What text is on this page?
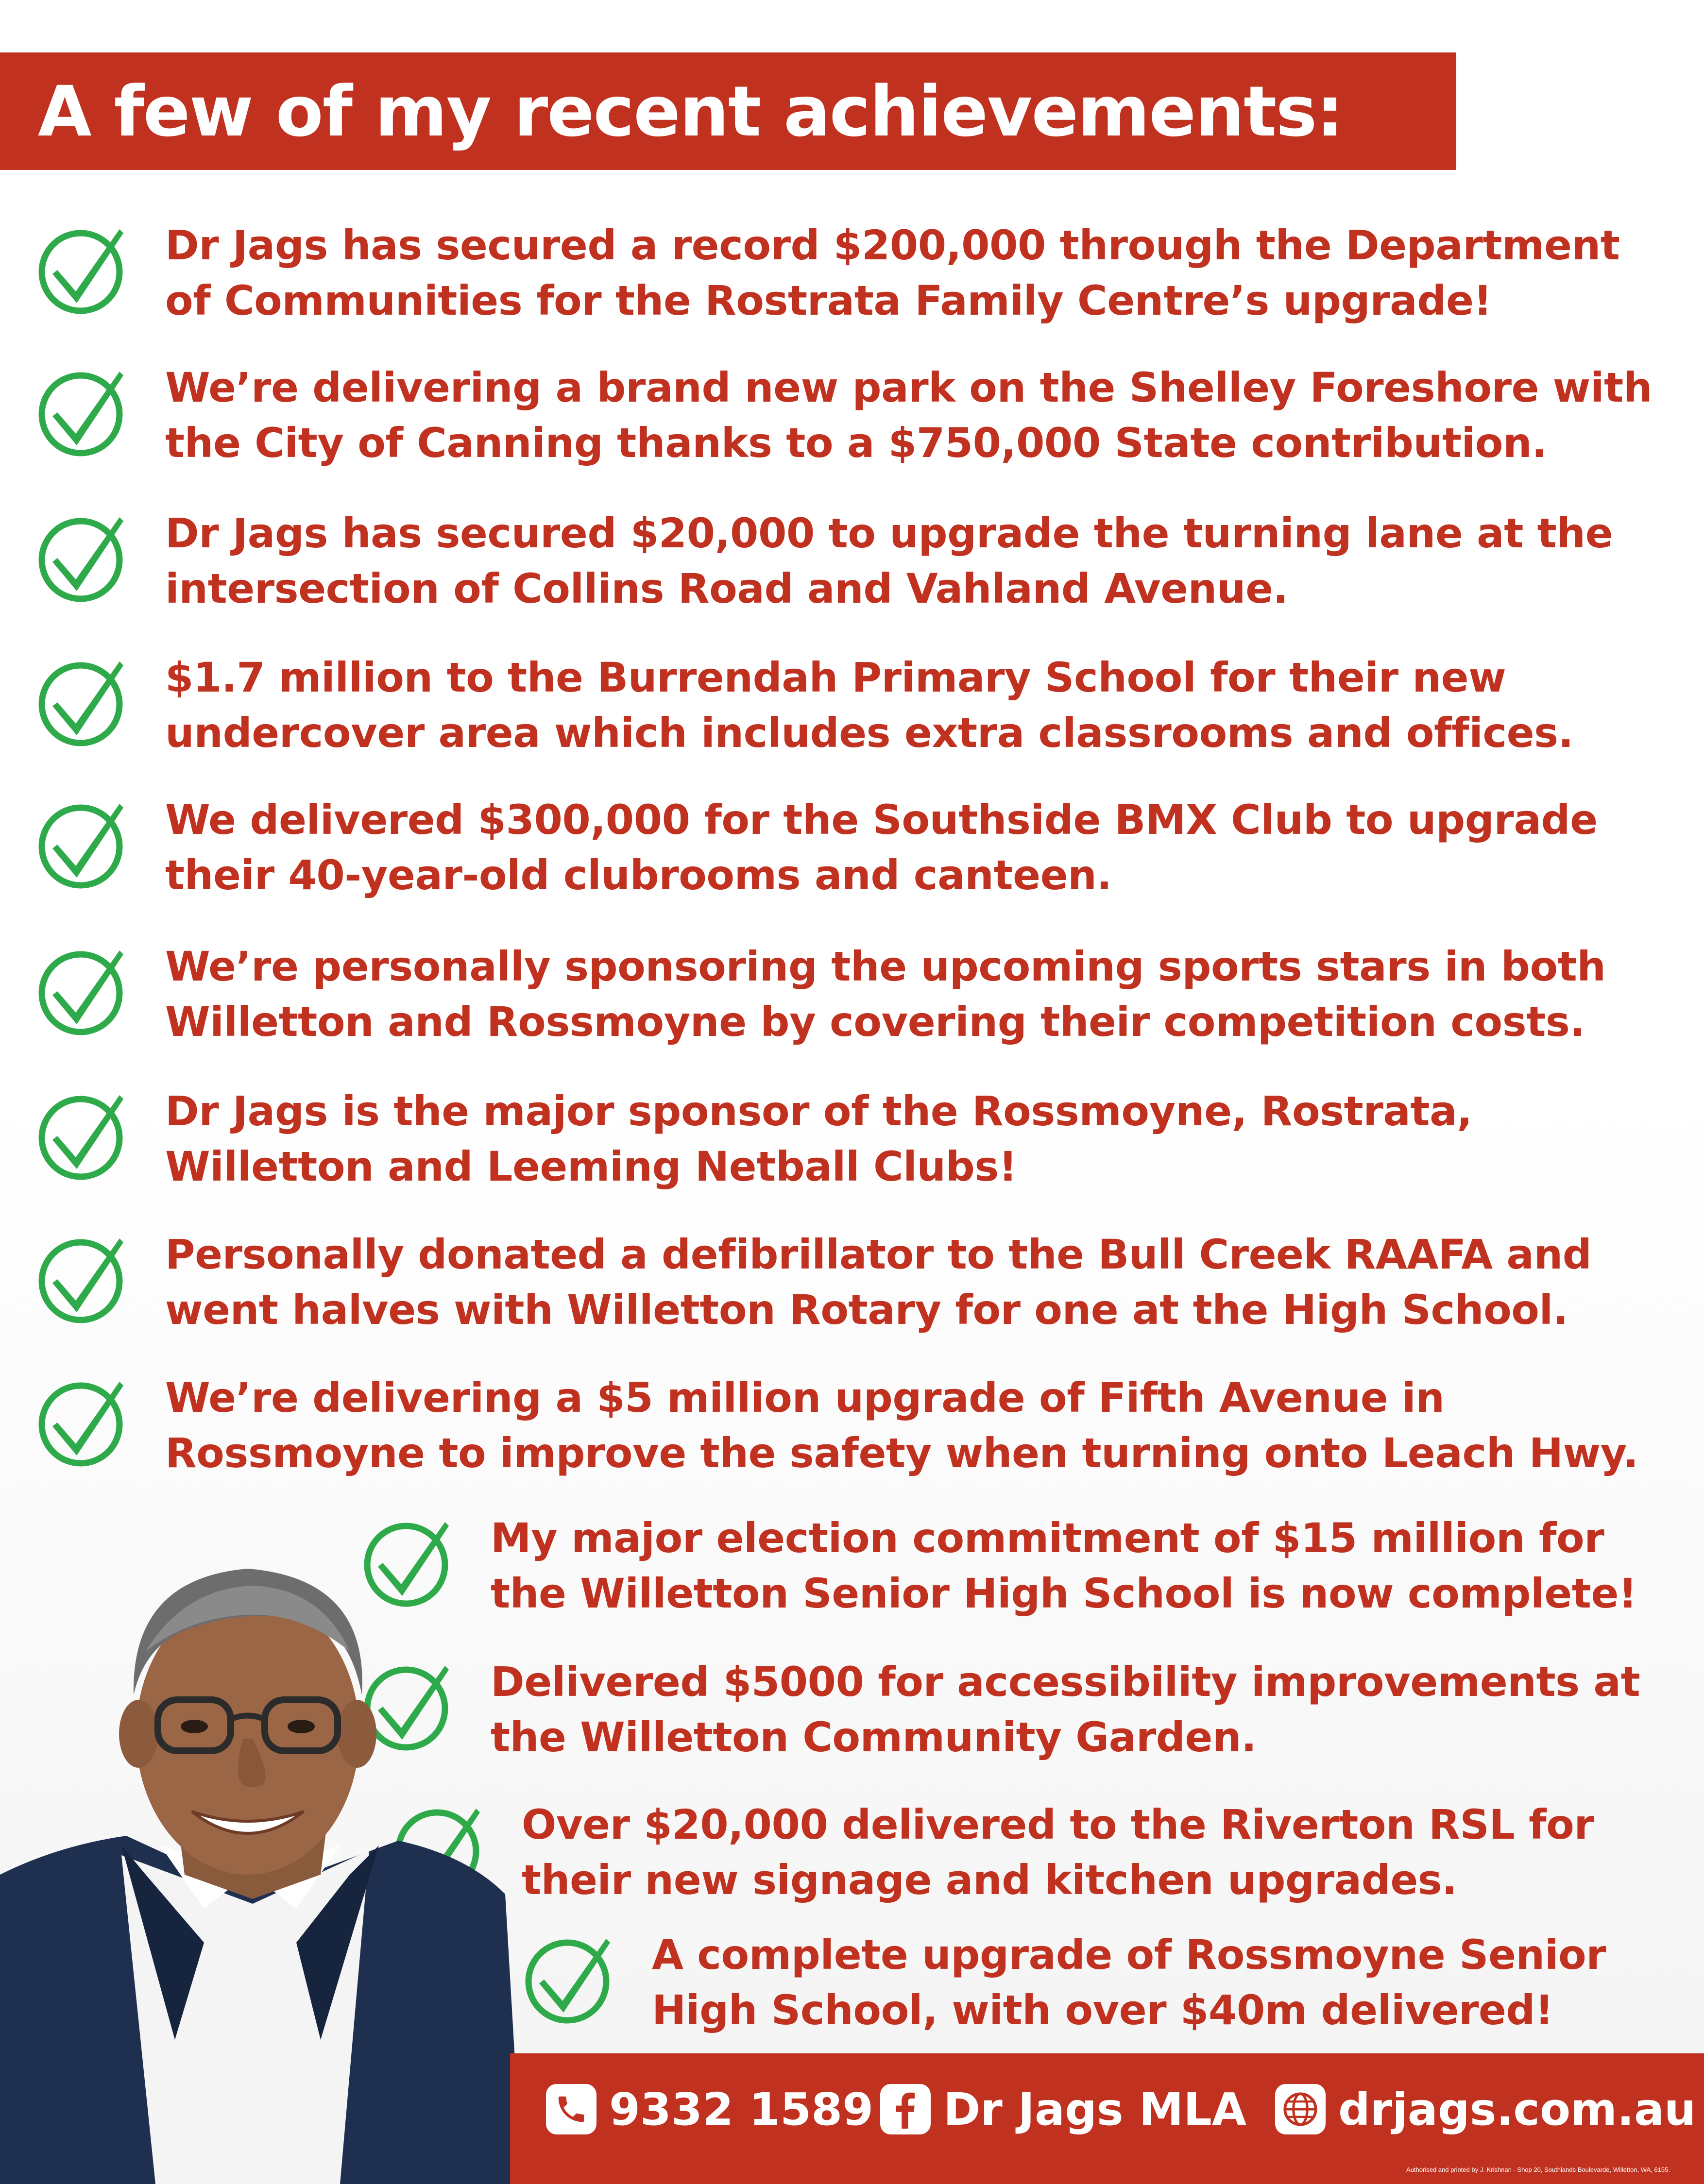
A few of my recent achievements:
Dr Jags has secured a record $200,000 through the Department
of Communities for the Rostrata Family Centre’s upgrade!
We’re delivering a brand new park on the Shelley Foreshore with
the City of Canning thanks to a $750,000 State contribution.
Dr Jags has secured $20,000 to upgrade the turning lane at the
intersection of Collins Road and Vahland Avenue.
$1.7 million to the Burrendah Primary School for their new
undercover area which includes extra classrooms and offices.
We delivered $300,000 for the Southside BMX Club to upgrade
their 40-year-old clubrooms and canteen.
We’re personally sponsoring the upcoming sports stars in both
Willetton and Rossmoyne by covering their competition costs.
Dr Jags is the major sponsor of the Rossmoyne, Rostrata,
Willetton and Leeming Netball Clubs!
Personally donated a defibrillator to the Bull Creek RAAFA and
went halves with Willetton Rotary for one at the High School.
We’re delivering a $5 million upgrade of Fifth Avenue in
Rossmoyne to improve the safety when turning onto Leach Hwy.
My major election commitment of $15 million for
the Willetton Senior High School is now complete!
Delivered $5000 for accessibility improvements at
the Willetton Community Garden.
Over $20,000 delivered to the Riverton RSL for
their new signage and kitchen upgrades.
A complete upgrade of Rossmoyne Senior
High School, with over $40m delivered!
9332 1589 Dr Jags MLA drjags.com.au
Authorised and printed by J. Krishnan - Shop 20, Southlands Boulevarde, Willetton, WA, 6155.
